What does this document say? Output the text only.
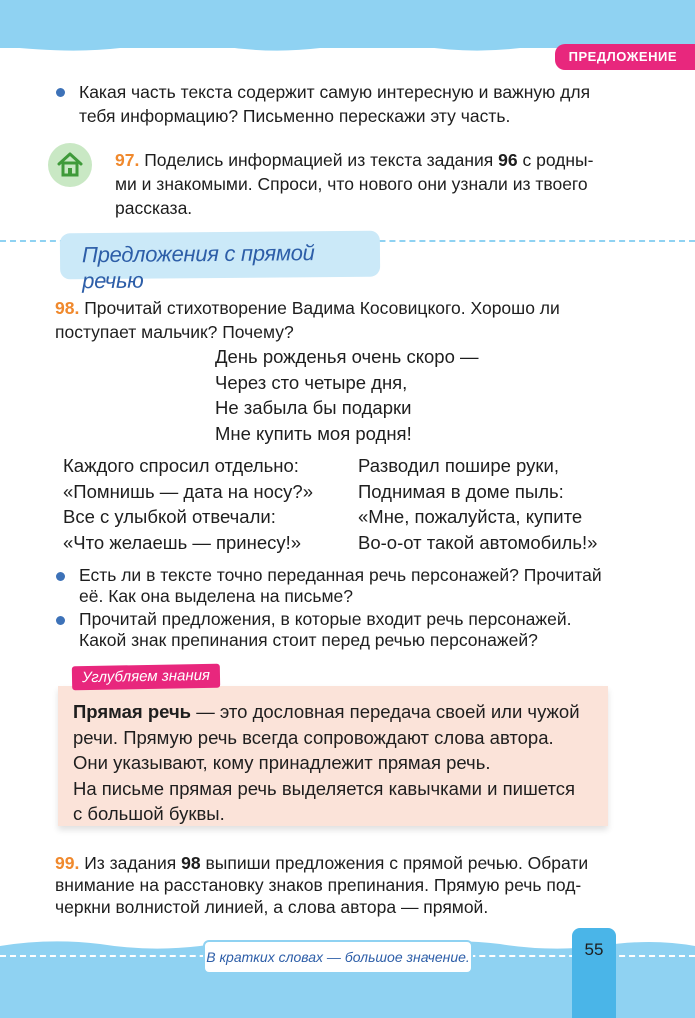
ПРЕДЛОЖЕНИЕ
Какая часть текста содержит самую интересную и важную для
тебя информацию? Письменно перескажи эту часть.
97. Поделись информацией из текста задания 96 с родны-
ми и знакомыми. Спроси, что нового они узнали из твоего
рассказа.
Предложения с прямой речью
98. Прочитай стихотворение Вадима Косовицкого. Хорошо ли
поступает мальчик? Почему?
День рожденья очень скоро —
Через сто четыре дня,
Не забыла бы подарки
Мне купить моя родня!
Каждого спросил отдельно:
«Помнишь — дата на носу?»
Все с улыбкой отвечали:
«Что желаешь — принесу!»
Разводил пошире руки,
Поднимая в доме пыль:
«Мне, пожалуйста, купите
Во-о-от такой автомобиль!»
Есть ли в тексте точно переданная речь персонажей? Прочитай
её. Как она выделена на письме?
Прочитай предложения, в которые входит речь персонажей.
Какой знак препинания стоит перед речью персонажей?
Прямая речь — это дословная передача своей или чужой
речи. Прямую речь всегда сопровождают слова автора.
Они указывают, кому принадлежит прямая речь.
На письме прямая речь выделяется кавычками и пишется
с большой буквы.
Углубляем знания
99. Из задания 98 выпиши предложения с прямой речью. Обрати
внимание на расстановку знаков препинания. Прямую речь под-
черкни волнистой линией, а слова автора — прямой.
В кратких словах — большое значение.	55
